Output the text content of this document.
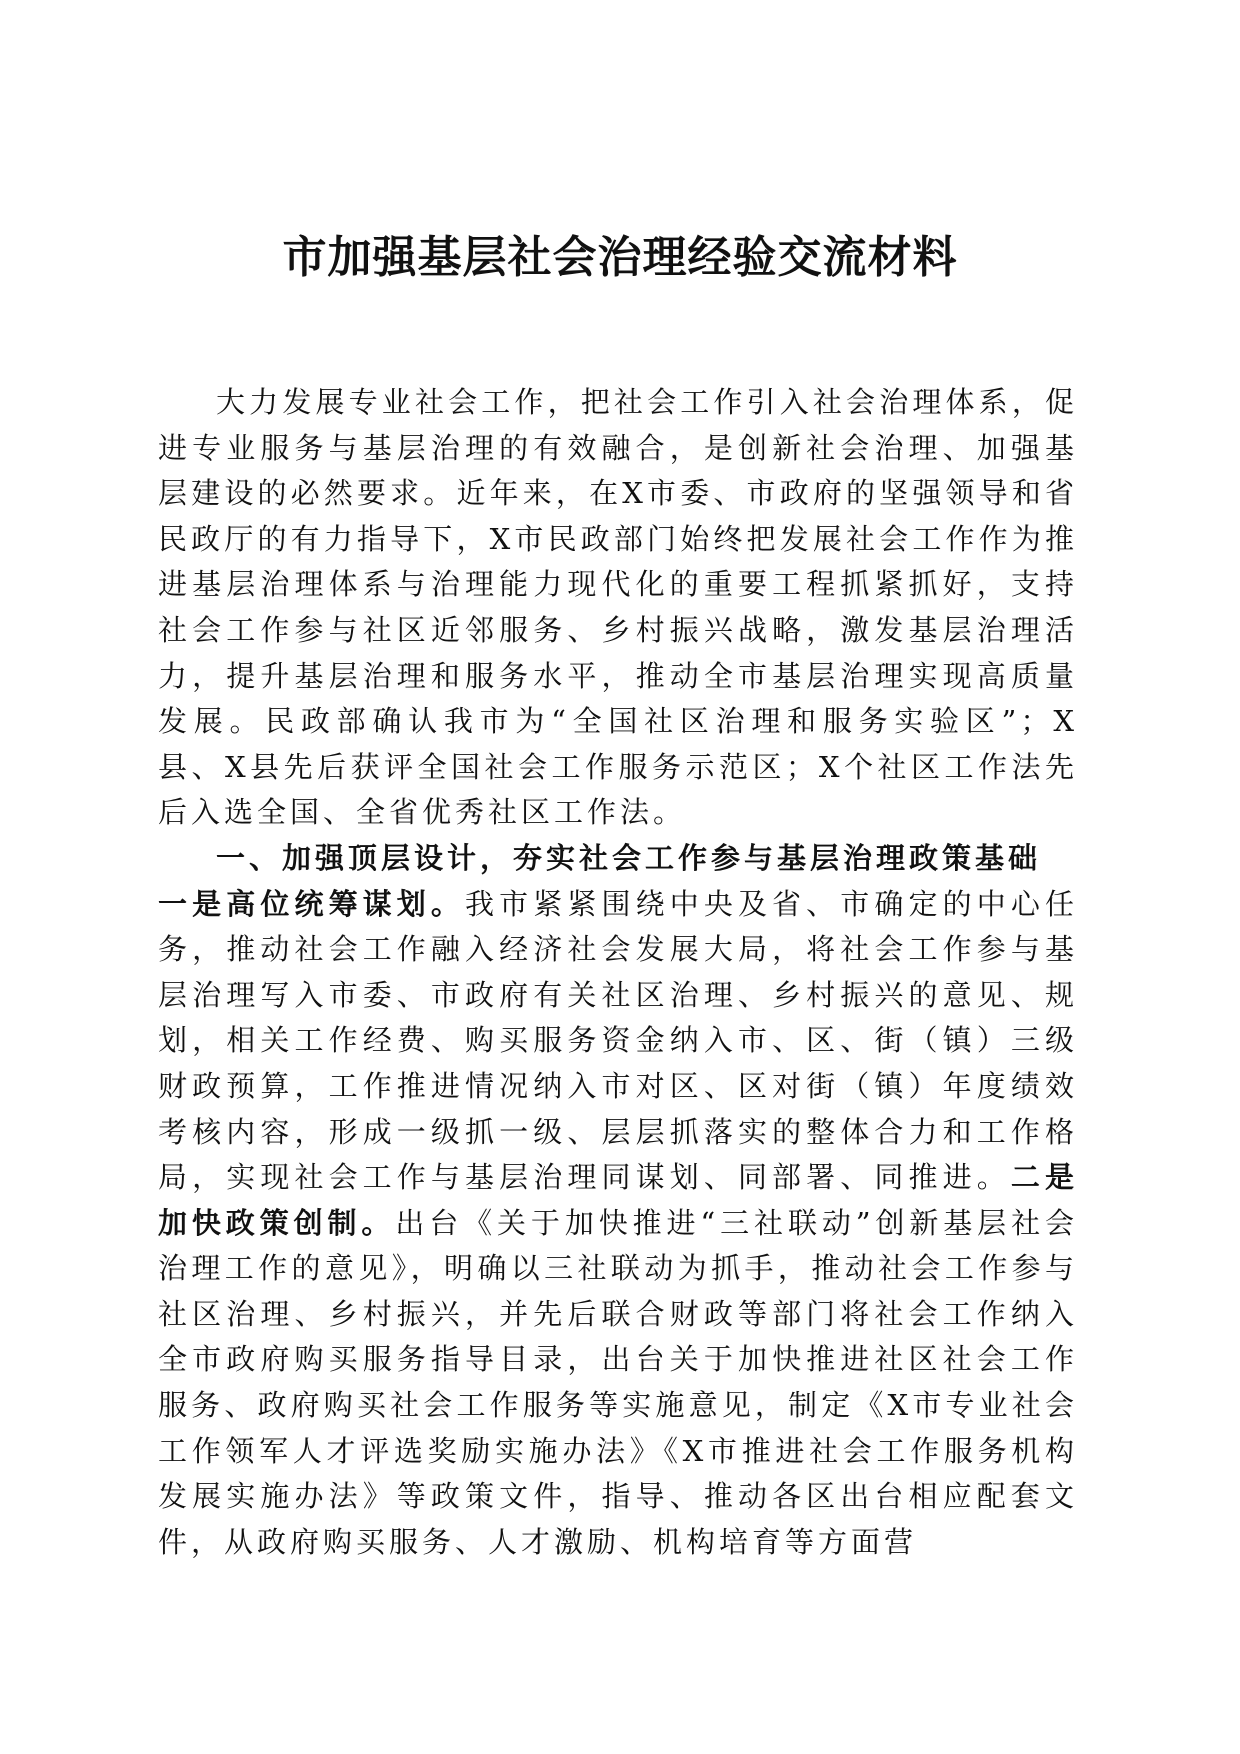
市加强基层社会治理经验交流材料

大力发展专业社会工作，把社会工作引入社会治理体系，促进专业服务与基层治理的有效融合，是创新社会治理、加强基层建设的必然要求。近年来，在X市委、市政府的坚强领导和省民政厅的有力指导下，X市民政部门始终把发展社会工作作为推进基层治理体系与治理能力现代化的重要工程抓紧抓好，支持社会工作参与社区近邻服务、乡村振兴战略，激发基层治理活力，提升基层治理和服务水平，推动全市基层治理实现高质量发展。民政部确认我市为“全国社区治理和服务实验区”；X县、X县先后获评全国社会工作服务示范区；X个社区工作法先后入选全国、全省优秀社区工作法。

一、加强顶层设计，夯实社会工作参与基层治理政策基础

一是高位统筹谋划。我市紧紧围绕中央及省、市确定的中心任务，推动社会工作融入经济社会发展大局，将社会工作参与基层治理写入市委、市政府有关社区治理、乡村振兴的意见、规划，相关工作经费、购买服务资金纳入市、区、街（镇）三级财政预算，工作推进情况纳入市对区、区对街（镇）年度绩效考核内容，形成一级抓一级、层层抓落实的整体合力和工作格局，实现社会工作与基层治理同谋划、同部署、同推进。二是加快政策创制。出台《关于加快推进“三社联动”创新基层社会治理工作的意见》，明确以三社联动为抓手，推动社会工作参与社区治理、乡村振兴，并先后联合财政等部门将社会工作纳入全市政府购买服务指导目录，出台关于加快推进社区社会工作服务、政府购买社会工作服务等实施意见，制定《X市专业社会工作领军人才评选奖励实施办法》《X市推进社会工作服务机构发展实施办法》等政策文件，指导、推动各区出台相应配套文件，从政府购买服务、人才激励、机构培育等方面营
